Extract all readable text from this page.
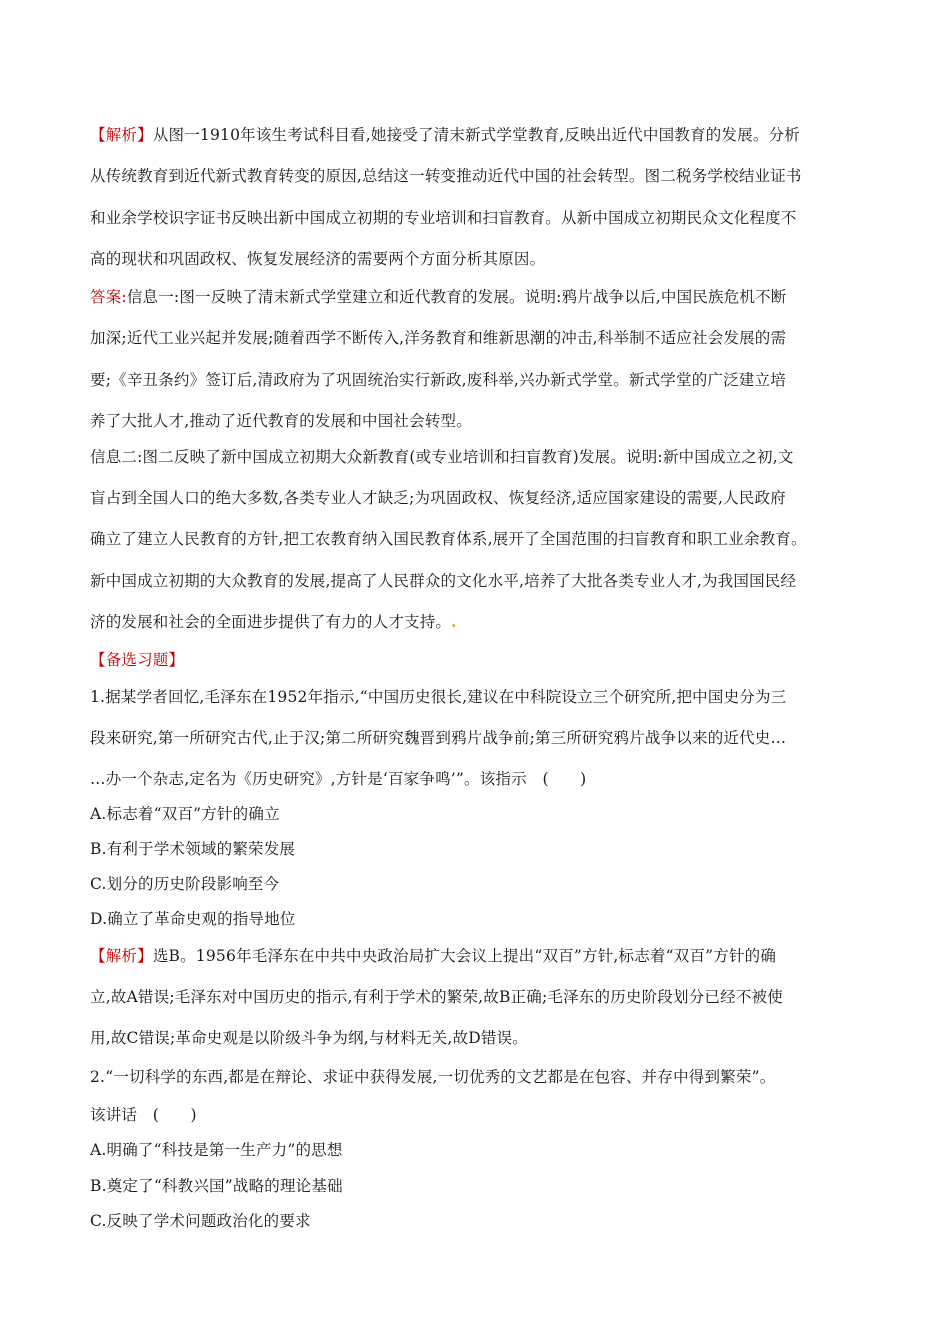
【解析】从图一1910年该生考试科目看,她接受了清末新式学堂教育,反映出近代中国教育的发展。分析
从传统教育到近代新式教育转变的原因,总结这一转变推动近代中国的社会转型。图二税务学校结业证书
和业余学校识字证书反映出新中国成立初期的专业培训和扫盲教育。从新中国成立初期民众文化程度不
高的现状和巩固政权、恢复发展经济的需要两个方面分析其原因。
答案:信息一:图一反映了清末新式学堂建立和近代教育的发展。说明:鸦片战争以后,中国民族危机不断
加深;近代工业兴起并发展;随着西学不断传入,洋务教育和维新思潮的冲击,科举制不适应社会发展的需
要;《辛丑条约》签订后,清政府为了巩固统治实行新政,废科举,兴办新式学堂。新式学堂的广泛建立培
养了大批人才,推动了近代教育的发展和中国社会转型。
信息二:图二反映了新中国成立初期大众新教育(或专业培训和扫盲教育)发展。说明:新中国成立之初,文
盲占到全国人口的绝大多数,各类专业人才缺乏;为巩固政权、恢复经济,适应国家建设的需要,人民政府
确立了建立人民教育的方针,把工农教育纳入国民教育体系,展开了全国范围的扫盲教育和职工业余教育。
新中国成立初期的大众教育的发展,提高了人民群众的文化水平,培养了大批各类专业人才,为我国国民经
济的发展和社会的全面进步提供了有力的人才支持。.
【备选习题】
1.据某学者回忆,毛泽东在1952年指示,“中国历史很长,建议在中科院设立三个研究所,把中国史分为三
段来研究,第一所研究古代,止于汉;第二所研究魏晋到鸦片战争前;第三所研究鸦片战争以来的近代史…
…办一个杂志,定名为《历史研究》,方针是‘百家争鸣’”。该指示　(　　)
A.标志着“双百”方针的确立
B.有利于学术领域的繁荣发展
C.划分的历史阶段影响至今
D.确立了革命史观的指导地位
【解析】选B。1956年毛泽东在中共中央政治局扩大会议上提出“双百”方针,标志着“双百”方针的确
立,故A错误;毛泽东对中国历史的指示,有利于学术的繁荣,故B正确;毛泽东的历史阶段划分已经不被使
用,故C错误;革命史观是以阶级斗争为纲,与材料无关,故D错误。
2.“一切科学的东西,都是在辩论、求证中获得发展,一切优秀的文艺都是在包容、并存中得到繁荣”。
该讲话　(　　)
A.明确了“科技是第一生产力”的思想
B.奠定了“科教兴国”战略的理论基础
C.反映了学术问题政治化的要求
